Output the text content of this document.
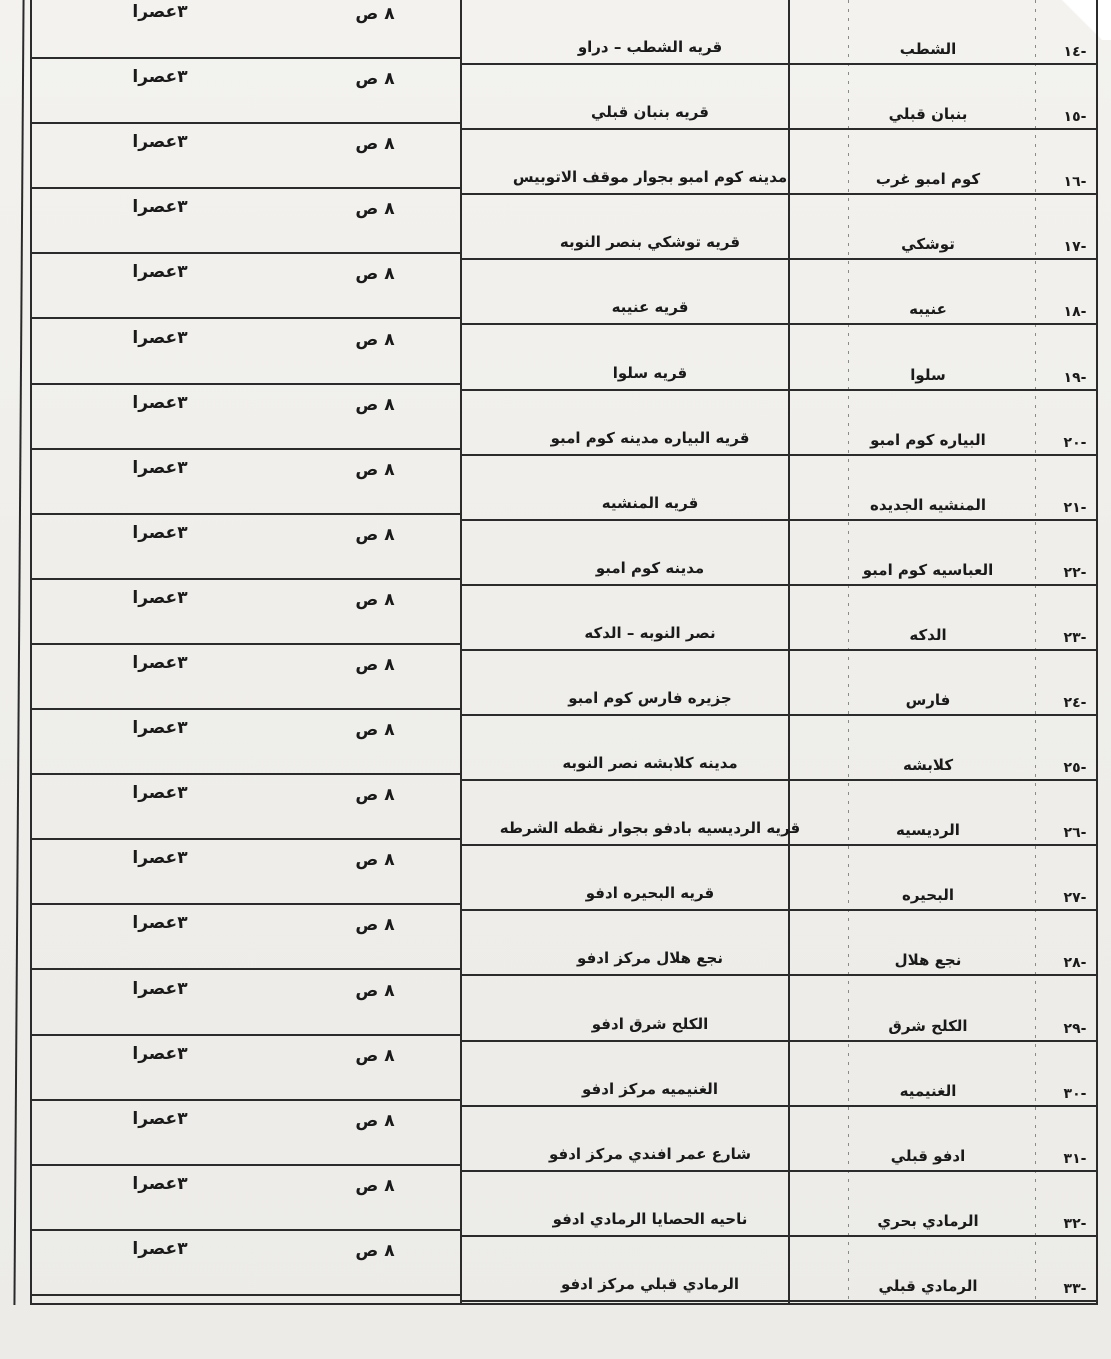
-١٤
الشطب
قريه الشطب – دراو
٨ ص
٣عصرا
-١٥
بنبان قبلي
قريه بنبان قبلي
٨ ص
٣عصرا
-١٦
كوم امبو غرب
مدينه كوم امبو بجوار موقف الاتوبيس
٨ ص
٣عصرا
-١٧
توشكي
قريه توشكي بنصر النوبه
٨ ص
٣عصرا
-١٨
عنيبه
قريه عنيبه
٨ ص
٣عصرا
-١٩
سلوا
قريه سلوا
٨ ص
٣عصرا
-٢٠
البياره كوم امبو
قريه البياره مدينه كوم امبو
٨ ص
٣عصرا
-٢١
المنشيه الجديده
قريه المنشيه
٨ ص
٣عصرا
-٢٢
العباسيه كوم امبو
مدينه كوم امبو
٨ ص
٣عصرا
-٢٣
الدكه
نصر النوبه – الدكه
٨ ص
٣عصرا
-٢٤
فارس
جزيره فارس كوم امبو
٨ ص
٣عصرا
-٢٥
كلابشه
مدينه كلابشه نصر النوبه
٨ ص
٣عصرا
-٢٦
الرديسيه
قريه الرديسيه بادفو بجوار نقطه الشرطه
٨ ص
٣عصرا
-٢٧
البحيره
قريه البحيره ادفو
٨ ص
٣عصرا
-٢٨
نجع هلال
نجع هلال مركز ادفو
٨ ص
٣عصرا
-٢٩
الكلح شرق
الكلح شرق ادفو
٨ ص
٣عصرا
-٣٠
الغنيميه
الغنيميه مركز ادفو
٨ ص
٣عصرا
-٣١
ادفو قبلي
شارع عمر افندي مركز ادفو
٨ ص
٣عصرا
-٣٢
الرمادي بحري
ناحيه الحصايا الرمادي ادفو
٨ ص
٣عصرا
-٣٣
الرمادي قبلي
الرمادي قبلي مركز ادفو
٨ ص
٣عصرا
